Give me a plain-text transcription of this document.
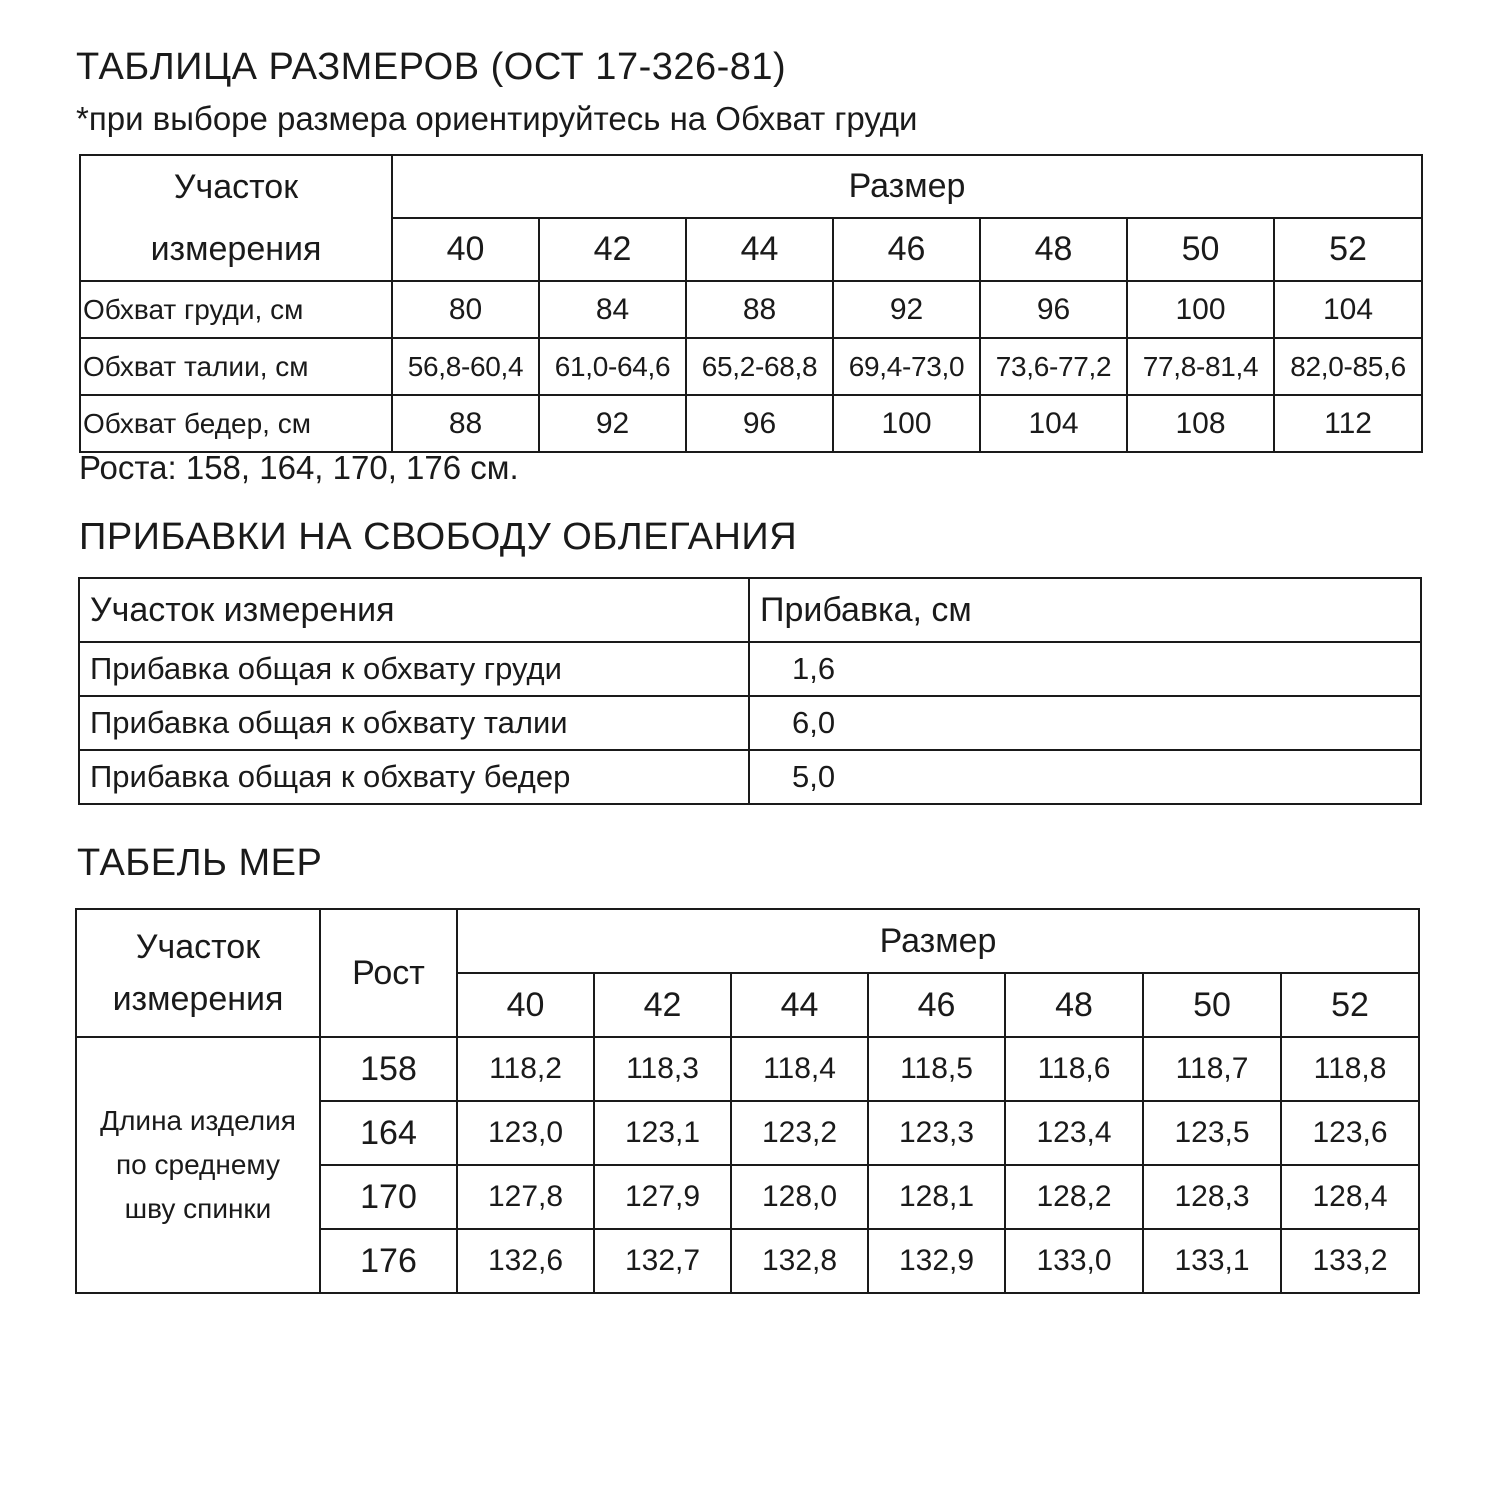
ТАБЛИЦА РАЗМЕРОВ (ОСТ 17-326-81)
*при выборе размера ориентируйтесь на Обхват груди
Участок
измерения	Размер						
	40	42	44	46	48	50	52
Обхват груди, см	80	84	88	92	96	100	104
Обхват талии, см	56,8-60,4	61,0-64,6	65,2-68,8	69,4-73,0	73,6-77,2	77,8-81,4	82,0-85,6
Обхват бедер, см	88	92	96	100	104	108	112
Роста: 158, 164, 170, 176 см.
ПРИБАВКИ НА СВОБОДУ ОБЛЕГАНИЯ
Участок измерения	Прибавка, см
Прибавка общая к обхвату груди	1,6
Прибавка общая к обхвату талии	6,0
Прибавка общая к обхвату бедер	5,0
ТАБЕЛЬ МЕР
Участок
измерения	Рост	Размер						
		40	42	44	46	48	50	52

Длина изделия
по среднему
шву спинки	158	118,2	118,3	118,4	118,5	118,6	118,7	118,8
	164	123,0	123,1	123,2	123,3	123,4	123,5	123,6
	170	127,8	127,9	128,0	128,1	128,2	128,3	128,4
	176	132,6	132,7	132,8	132,9	133,0	133,1	133,2
